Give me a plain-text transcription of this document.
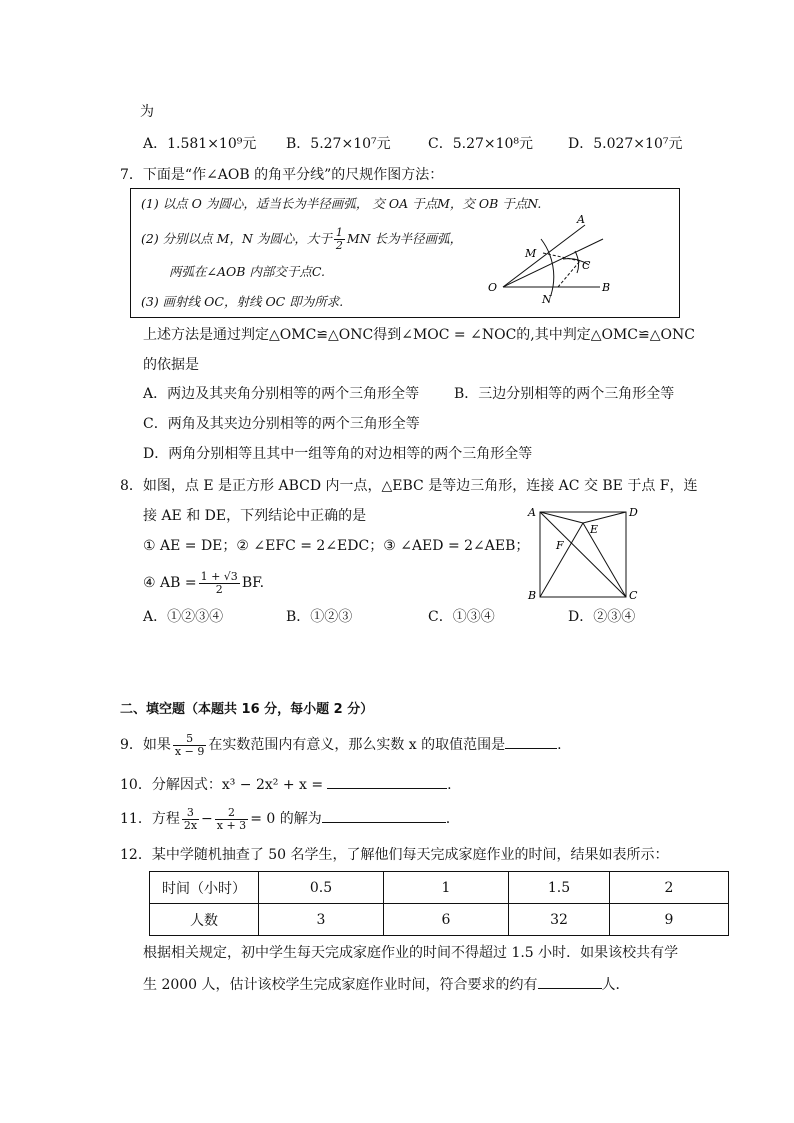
为
A．1.581×10⁹元 B．5.27×10⁷元	C．5.27×10⁸元 D．5.027×10⁷元
7．下面是“作∠AOB 的角平分线”的尺规作图方法：
(1) 以点 O 为圆心，适当长为半径画弧， 交 OA 于点M，交 OB 于点N.
(2) 分别以点 M，N 为圆心，大于 $\frac{1}{2}$ MN 长为半径画弧，
两弧在∠AOB 内部交于点C.
(3) 画射线 OC，射线 OC 即为所求.
A
M
C
O
N
B
上述方法是通过判定△OMC≌△ONC得到∠MOC = ∠NOC的,其中判定△OMC≌△ONC
的依据是
A．两边及其夹角分别相等的两个三角形全等 B．三边分别相等的两个三角形全等
C．两角及其夹边分别相等的两个三角形全等
D．两角分别相等且其中一组等角的对边相等的两个三角形全等
8．如图，点 E 是正方形 ABCD 内一点，△EBC 是等边三角形，连接 AC 交 BE 于点 F，连
接 AE 和 DE，下列结论中正确的是
① AE = DE；② ∠EFC = 2∠EDC；③ ∠AED = 2∠AEB；
④ AB = $\frac{1 + √3}{2}$ BF.
A	D
E
F
B	C
A．①②③④	B．①②③	C．①③④	D．②③④
二、填空题（本题共 16 分，每小题 2 分）
9．如果 $\frac{5}{x - 9}$ 在实数范围内有意义，那么实数 x 的取值范围是	.
10．分解因式：x³ − 2x² + x =	.
11．方程 $\frac{3}{2x} - \frac{2}{x + 3} = 0$ 的解为	.
12．某中学随机抽查了 50 名学生，了解他们每天完成家庭作业的时间，结果如表所示：
时间（小时）	0.5	1	1.5	2
人数	3	6	32	9
根据相关规定，初中学生每天完成家庭作业的时间不得超过 1.5 小时．如果该校共有学
生 2000 人，估计该校学生完成家庭作业时间，符合要求的约有	人．
